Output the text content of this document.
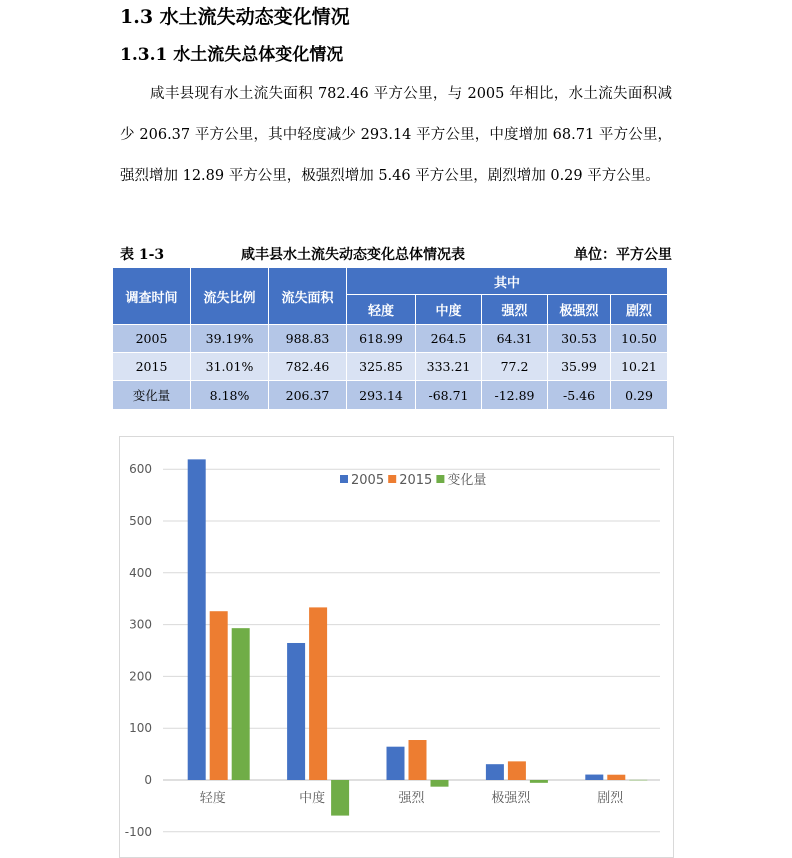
1.3 水土流失动态变化情况
1.3.1 水土流失总体变化情况
咸丰县现有水土流失面积 782.46 平方公里，与 2005 年相比，水土流失面积减少 206.37 平方公里，其中轻度减少 293.14 平方公里，中度增加 68.71 平方公里，强烈增加 12.89 平方公里，极强烈增加 5.46 平方公里，剧烈增加 0.29 平方公里。
表 1-3	咸丰县水土流失动态变化总体情况表	单位：平方公里
调查时间	流失比例	流失面积	其中				
			轻度	中度	强烈	极强烈	剧烈
2005	39.19%	988.83	618.99	264.5	64.31	30.53	10.50
2015	31.01%	782.46	325.85	333.21	77.2	35.99	10.21
变化量	8.18%	206.37	293.14	-68.71	-12.89	-5.46	0.29
600
500
400
300
200
100
0
-100
轻度	中度	强烈	极强烈	剧烈
2005 2015 变化量
